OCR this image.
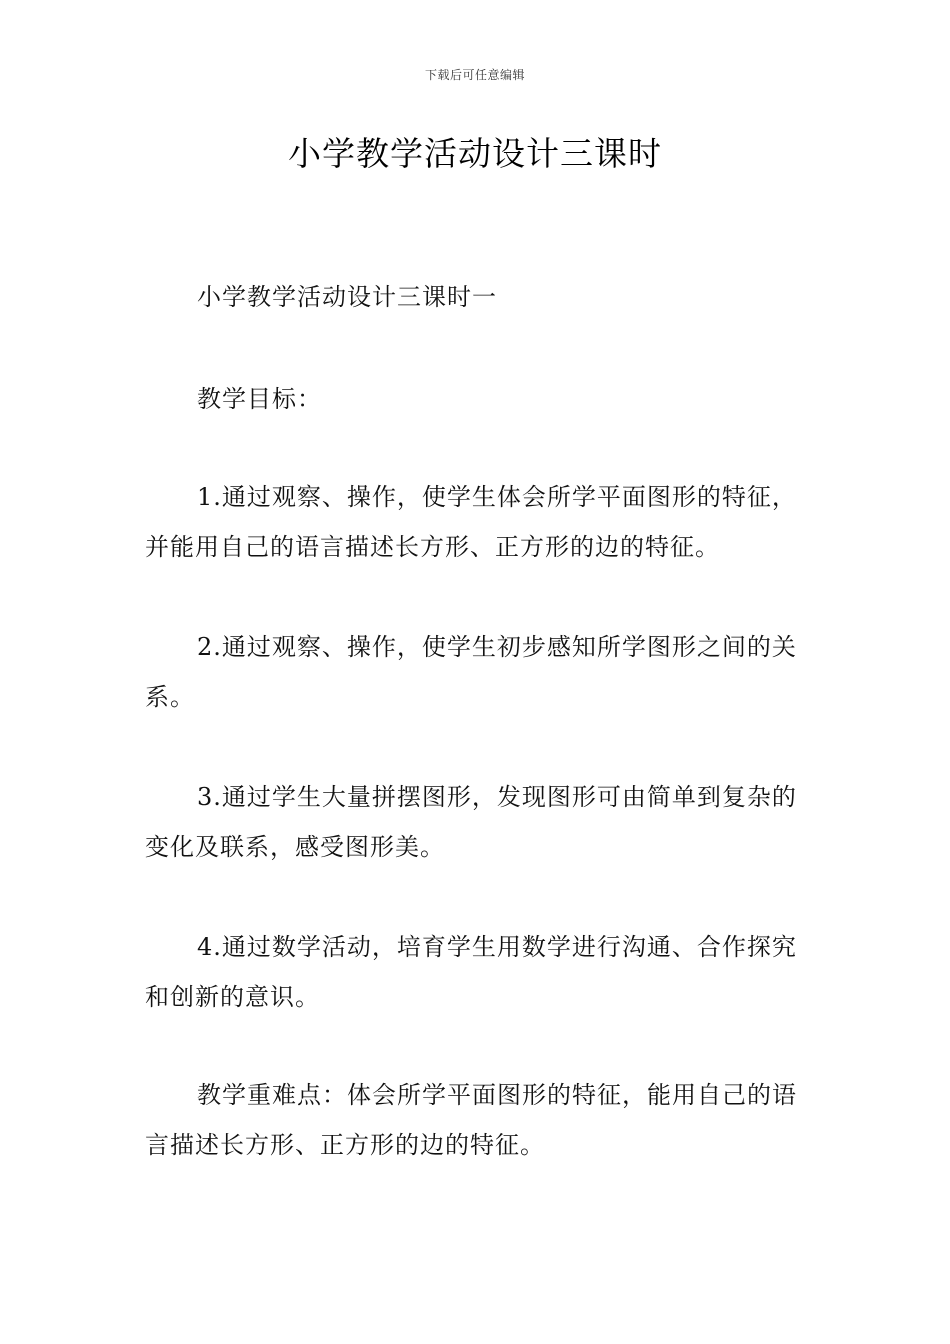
下载后可任意编辑
小学教学活动设计三课时

小学教学活动设计三课时一

教学目标：

1.通过观察、操作，使学生体会所学平面图形的特征，并能用自己的语言描述长方形、正方形的边的特征。

2.通过观察、操作，使学生初步感知所学图形之间的关系。

3.通过学生大量拼摆图形，发现图形可由简单到复杂的变化及联系，感受图形美。

4.通过数学活动，培育学生用数学进行沟通、合作探究和创新的意识。

教学重难点：体会所学平面图形的特征，能用自己的语言描述长方形、正方形的边的特征。
